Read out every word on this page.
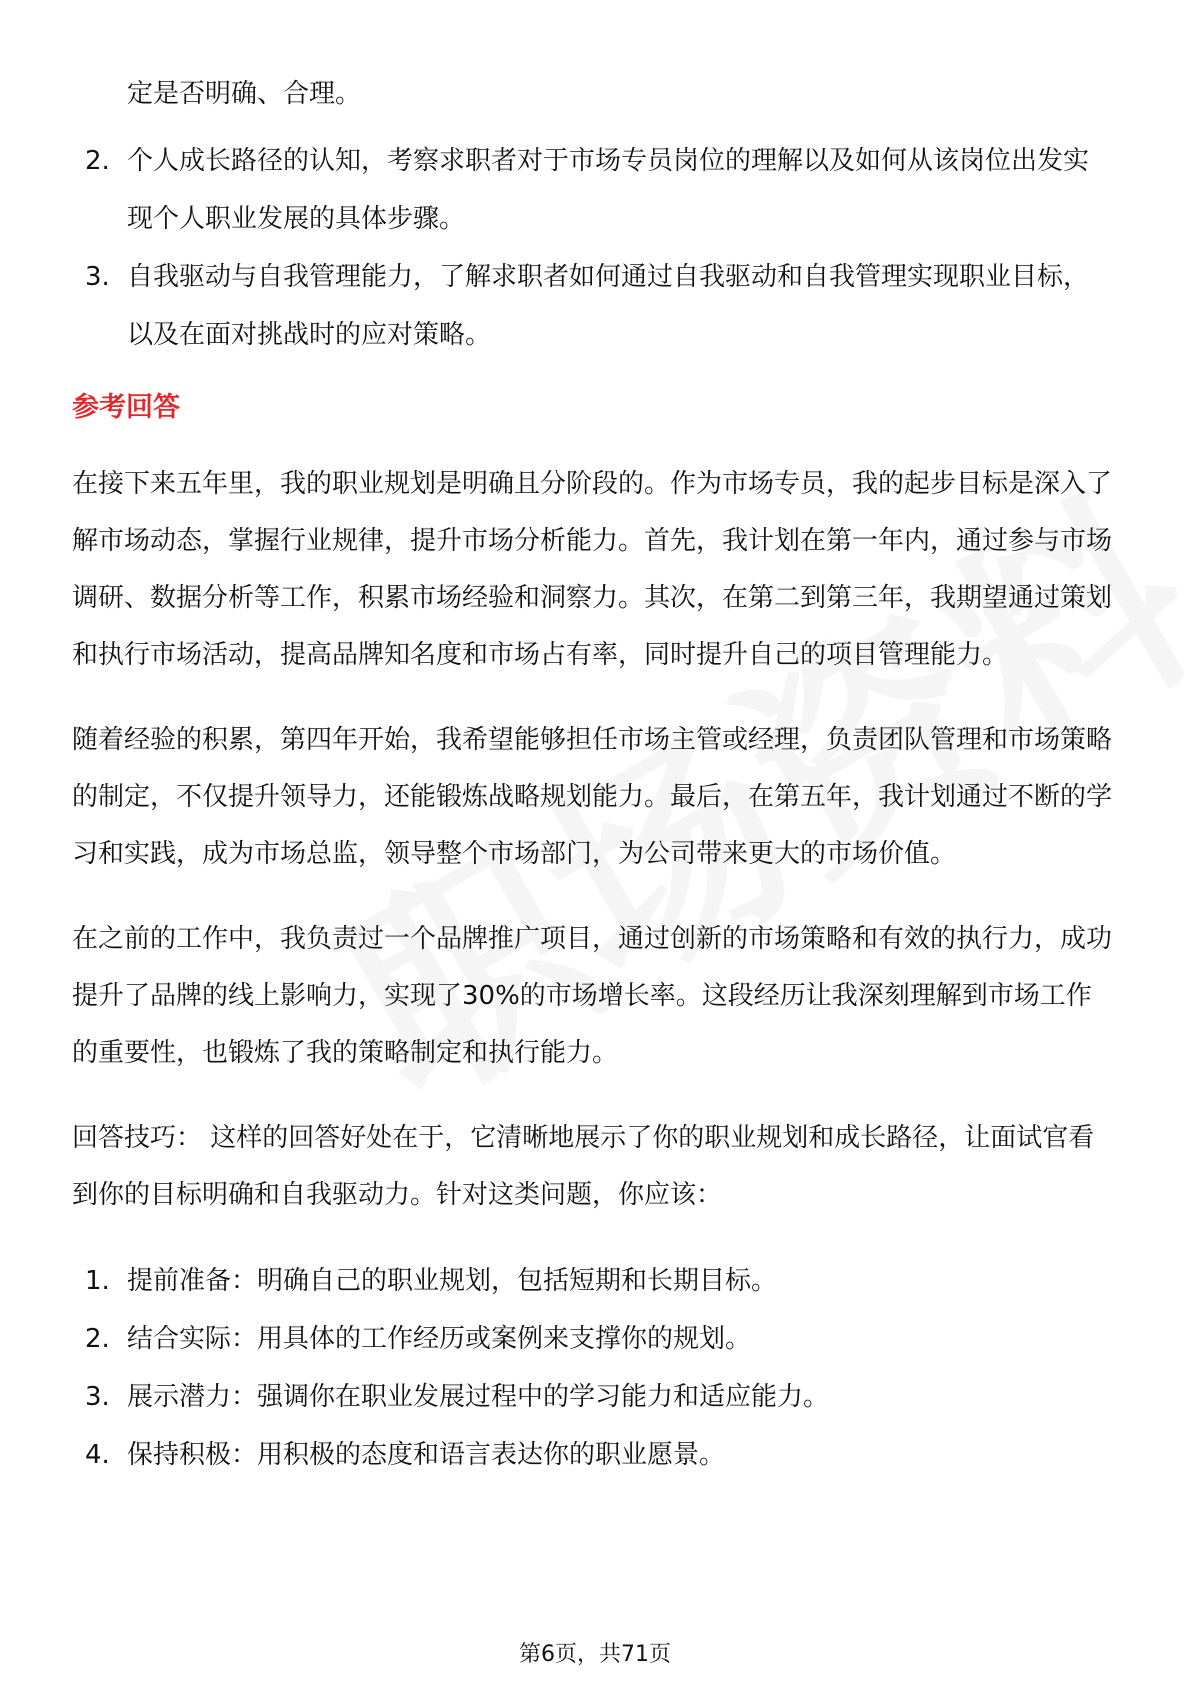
定是否明确、合理。
2. 个人成长路径的认知，考察求职者对于市场专员岗位的理解以及如何从该岗位出发实现个人职业发展的具体步骤。
3. 自我驱动与自我管理能力，了解求职者如何通过自我驱动和自我管理实现职业目标，以及在面对挑战时的应对策略。
参考回答

在接下来五年里，我的职业规划是明确且分阶段的。作为市场专员，我的起步目标是深入了解市场动态，掌握行业规律，提升市场分析能力。首先，我计划在第一年内，通过参与市场调研、数据分析等工作，积累市场经验和洞察力。其次，在第二到第三年，我期望通过策划和执行市场活动，提高品牌知名度和市场占有率，同时提升自己的项目管理能力。

随着经验的积累，第四年开始，我希望能够担任市场主管或经理，负责团队管理和市场策略的制定，不仅提升领导力，还能锻炼战略规划能力。最后，在第五年，我计划通过不断的学习和实践，成为市场总监，领导整个市场部门，为公司带来更大的市场价值。

在之前的工作中，我负责过一个品牌推广项目，通过创新的市场策略和有效的执行力，成功提升了品牌的线上影响力，实现了30%的市场增长率。这段经历让我深刻理解到市场工作的重要性，也锻炼了我的策略制定和执行能力。

回答技巧： 这样的回答好处在于，它清晰地展示了你的职业规划和成长路径，让面试官看到你的目标明确和自我驱动力。针对这类问题，你应该：

1. 提前准备：明确自己的职业规划，包括短期和长期目标。
2. 结合实际：用具体的工作经历或案例来支撑你的规划。
3. 展示潜力：强调你在职业发展过程中的学习能力和适应能力。
4. 保持积极：用积极的态度和语言表达你的职业愿景。
第6页，共71页
